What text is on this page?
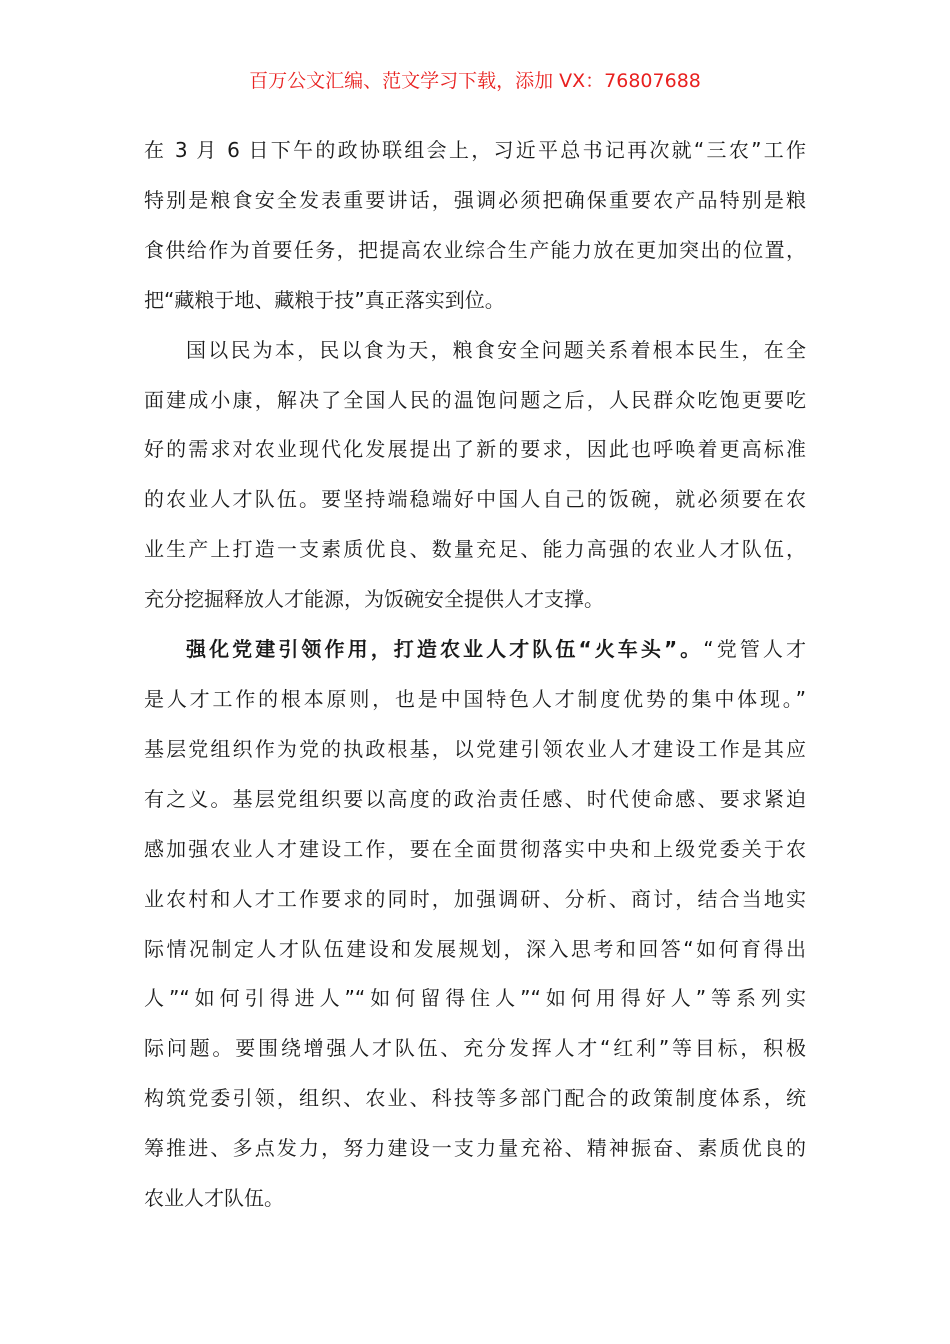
百万公文汇编、范文学习下载，添加 VX：76807688

在 3 月 6 日下午的政协联组会上，习近平总书记再次就“三农”工作
特别是粮食安全发表重要讲话，强调必须把确保重要农产品特别是粮
食供给作为首要任务，把提高农业综合生产能力放在更加突出的位置，
把“藏粮于地、藏粮于技”真正落实到位。

国以民为本，民以食为天，粮食安全问题关系着根本民生，在全
面建成小康，解决了全国人民的温饱问题之后，人民群众吃饱更要吃
好的需求对农业现代化发展提出了新的要求，因此也呼唤着更高标准
的农业人才队伍。要坚持端稳端好中国人自己的饭碗，就必须要在农
业生产上打造一支素质优良、数量充足、能力高强的农业人才队伍，
充分挖掘释放人才能源，为饭碗安全提供人才支撑。

强化党建引领作用，打造农业人才队伍“火车头”。“党管人才
是人才工作的根本原则，也是中国特色人才制度优势的集中体现。”
基层党组织作为党的执政根基，以党建引领农业人才建设工作是其应
有之义。基层党组织要以高度的政治责任感、时代使命感、要求紧迫
感加强农业人才建设工作，要在全面贯彻落实中央和上级党委关于农
业农村和人才工作要求的同时，加强调研、分析、商讨，结合当地实
际情况制定人才队伍建设和发展规划，深入思考和回答“如何育得出
人”“如何引得进人”“如何留得住人”“如何用得好人”等系列实
际问题。要围绕增强人才队伍、充分发挥人才“红利”等目标，积极
构筑党委引领，组织、农业、科技等多部门配合的政策制度体系，统
筹推进、多点发力，努力建设一支力量充裕、精神振奋、素质优良的
农业人才队伍。
